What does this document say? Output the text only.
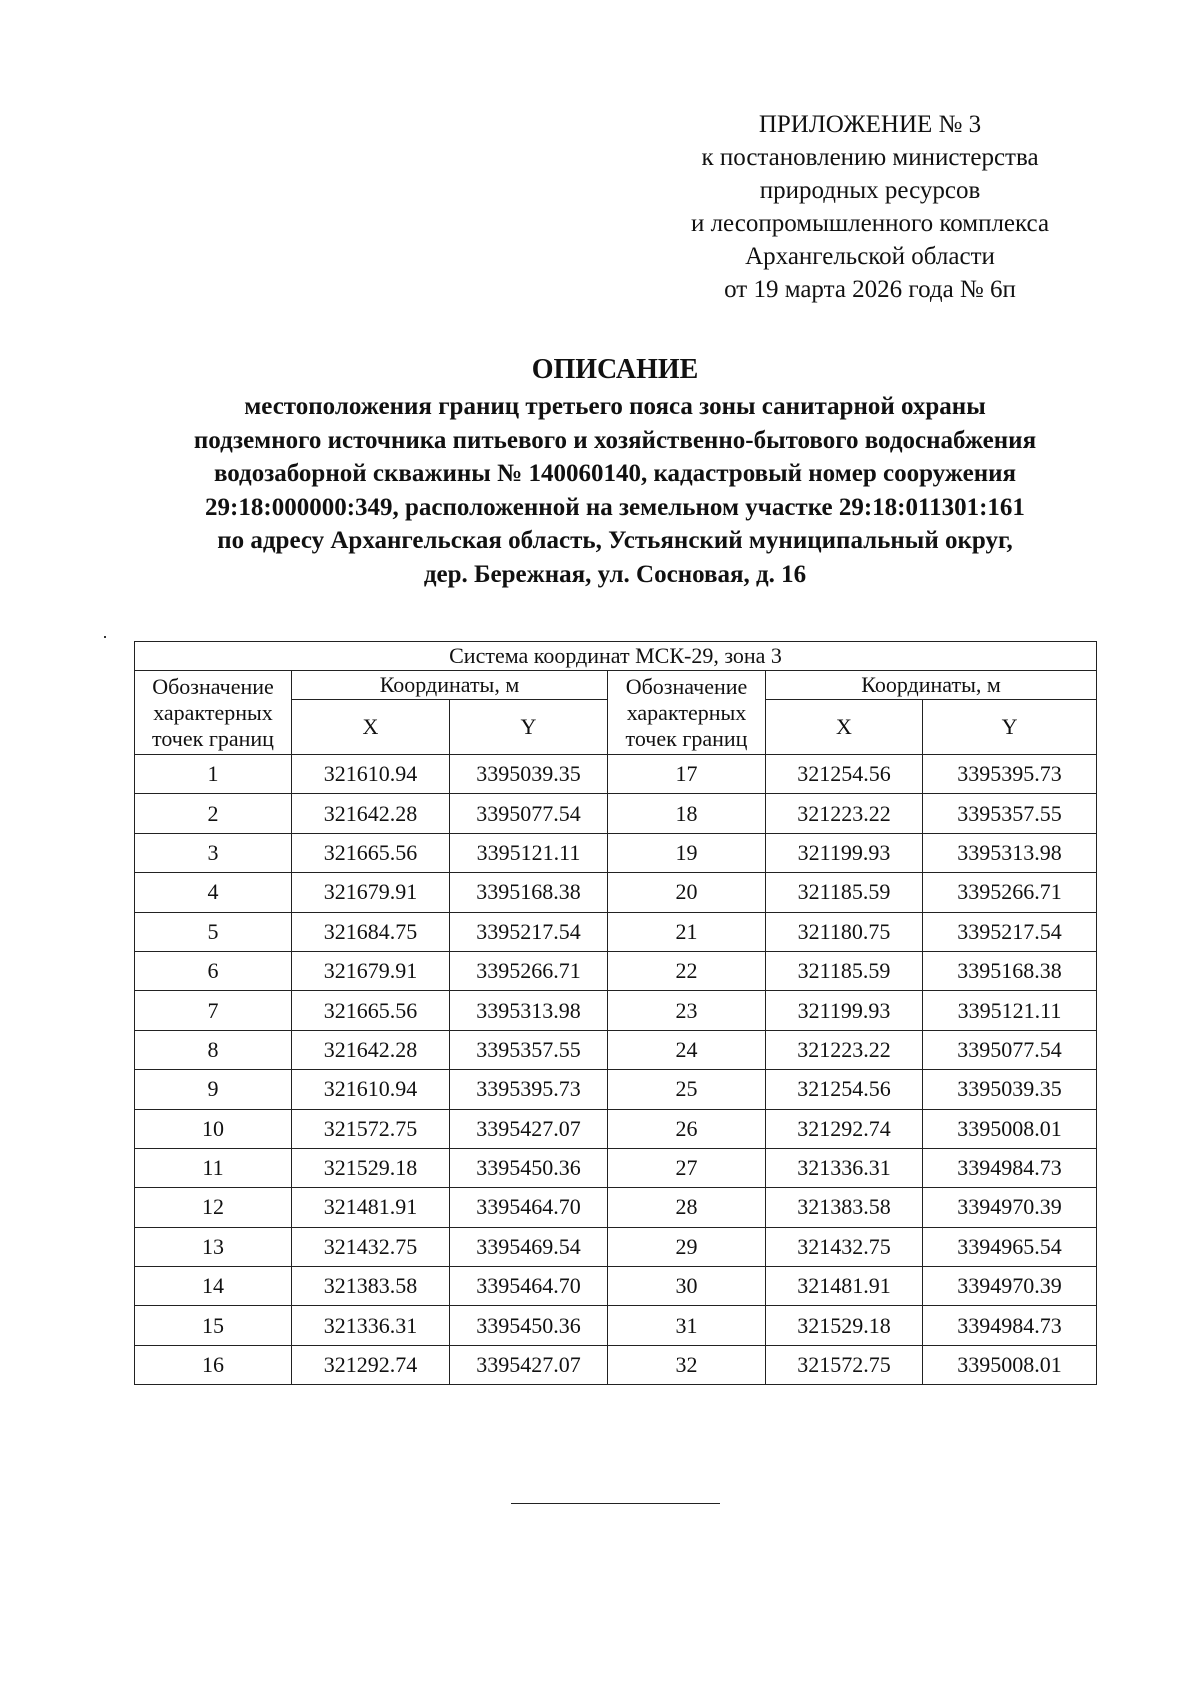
ПРИЛОЖЕНИЕ № 3
к постановлению министерства
природных ресурсов
и лесопромышленного комплекса
Архангельской области
от 19 марта 2026 года № 6п
ОПИСАНИЕ
местоположения границ третьего пояса зоны санитарной охраны
подземного источника питьевого и хозяйственно-бытового водоснабжения
водозаборной скважины № 140060140, кадастровый номер сооружения
29:18:000000:349, расположенной на земельном участке 29:18:011301:161
по адресу Архангельская область, Устьянский муниципальный округ,
дер. Бережная, ул. Сосновая, д. 16
Система координат МСК-29, зона 3					
Обозначение
характерных
точек границ	Координаты, м		Обозначение
характерных
точек границ	Координаты, м	
	X	Y		X	Y
1	321610.94	3395039.35	17	321254.56	3395395.73
2	321642.28	3395077.54	18	321223.22	3395357.55
3	321665.56	3395121.11	19	321199.93	3395313.98
4	321679.91	3395168.38	20	321185.59	3395266.71
5	321684.75	3395217.54	21	321180.75	3395217.54
6	321679.91	3395266.71	22	321185.59	3395168.38
7	321665.56	3395313.98	23	321199.93	3395121.11
8	321642.28	3395357.55	24	321223.22	3395077.54
9	321610.94	3395395.73	25	321254.56	3395039.35
10	321572.75	3395427.07	26	321292.74	3395008.01
11	321529.18	3395450.36	27	321336.31	3394984.73
12	321481.91	3395464.70	28	321383.58	3394970.39
13	321432.75	3395469.54	29	321432.75	3394965.54
14	321383.58	3395464.70	30	321481.91	3394970.39
15	321336.31	3395450.36	31	321529.18	3394984.73
16	321292.74	3395427.07	32	321572.75	3395008.01
